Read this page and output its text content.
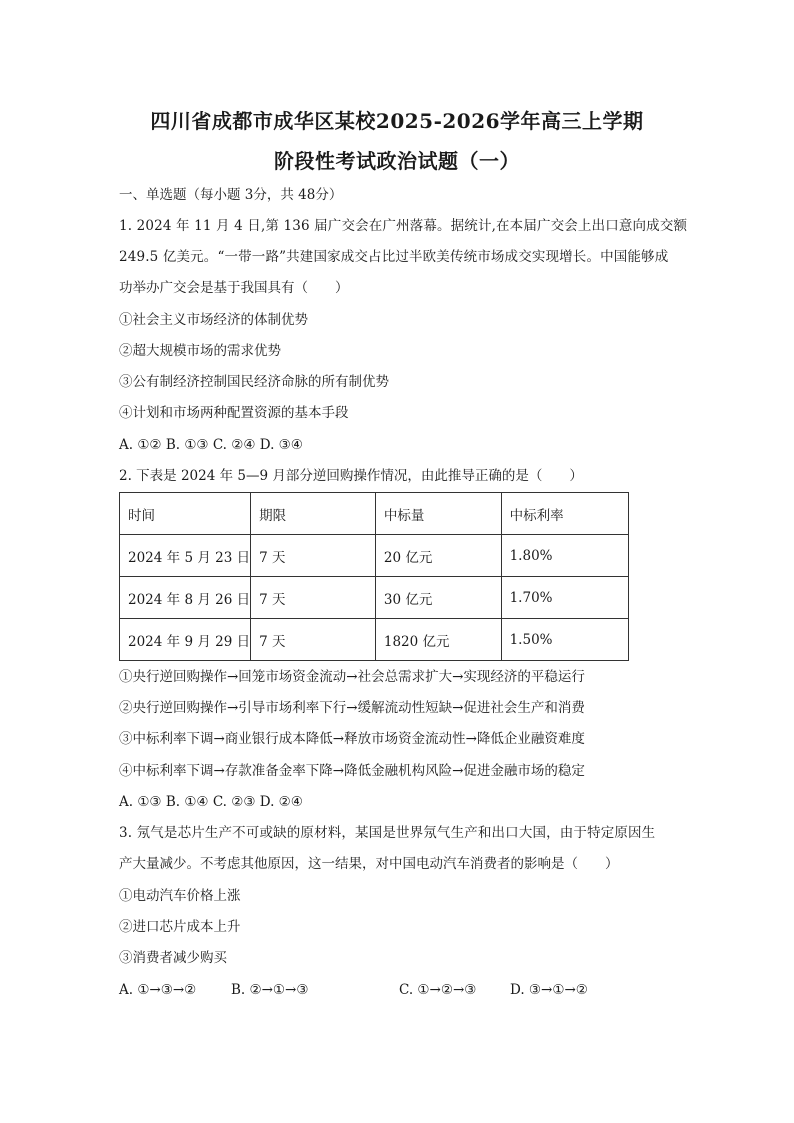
四川省成都市成华区某校2025-2026学年高三上学期
阶段性考试政治试题（一）
一、单选题（每小题 3分，共 48分）
1. 2024 年 11 月 4 日,第 136 届广交会在广州落幕。据统计,在本届广交会上出口意向成交额
249.5 亿美元。“一带一路”共建国家成交占比过半欧美传统市场成交实现增长。中国能够成
功举办广交会是基于我国具有（　　）
①社会主义市场经济的体制优势
②超大规模市场的需求优势
③公有制经济控制国民经济命脉的所有制优势
④计划和市场两种配置资源的基本手段
A. ①② B. ①③ C. ②④ D. ③④
2. 下表是 2024 年 5—9 月部分逆回购操作情况，由此推导正确的是（　　）
时间	期限	中标量	中标利率
2024 年 5 月 23 日	7 天	20 亿元	1.80%
2024 年 8 月 26 日	7 天	30 亿元	1.70%
2024 年 9 月 29 日	7 天	1820 亿元	1.50%
①央行逆回购操作→回笼市场资金流动→社会总需求扩大→实现经济的平稳运行
②央行逆回购操作→引导市场利率下行→缓解流动性短缺→促进社会生产和消费
③中标利率下调→商业银行成本降低→释放市场资金流动性→降低企业融资难度
④中标利率下调→存款准备金率下降→降低金融机构风险→促进金融市场的稳定
A. ①③ B. ①④ C. ②③ D. ②④
3. 氖气是芯片生产不可或缺的原材料，某国是世界氖气生产和出口大国，由于特定原因生
产大量减少。不考虑其他原因，这一结果，对中国电动汽车消费者的影响是（　　）
①电动汽车价格上涨
②进口芯片成本上升
③消费者减少购买
A. ①→③→②	B. ②→①→③	C. ①→②→③ D. ③→①→②
